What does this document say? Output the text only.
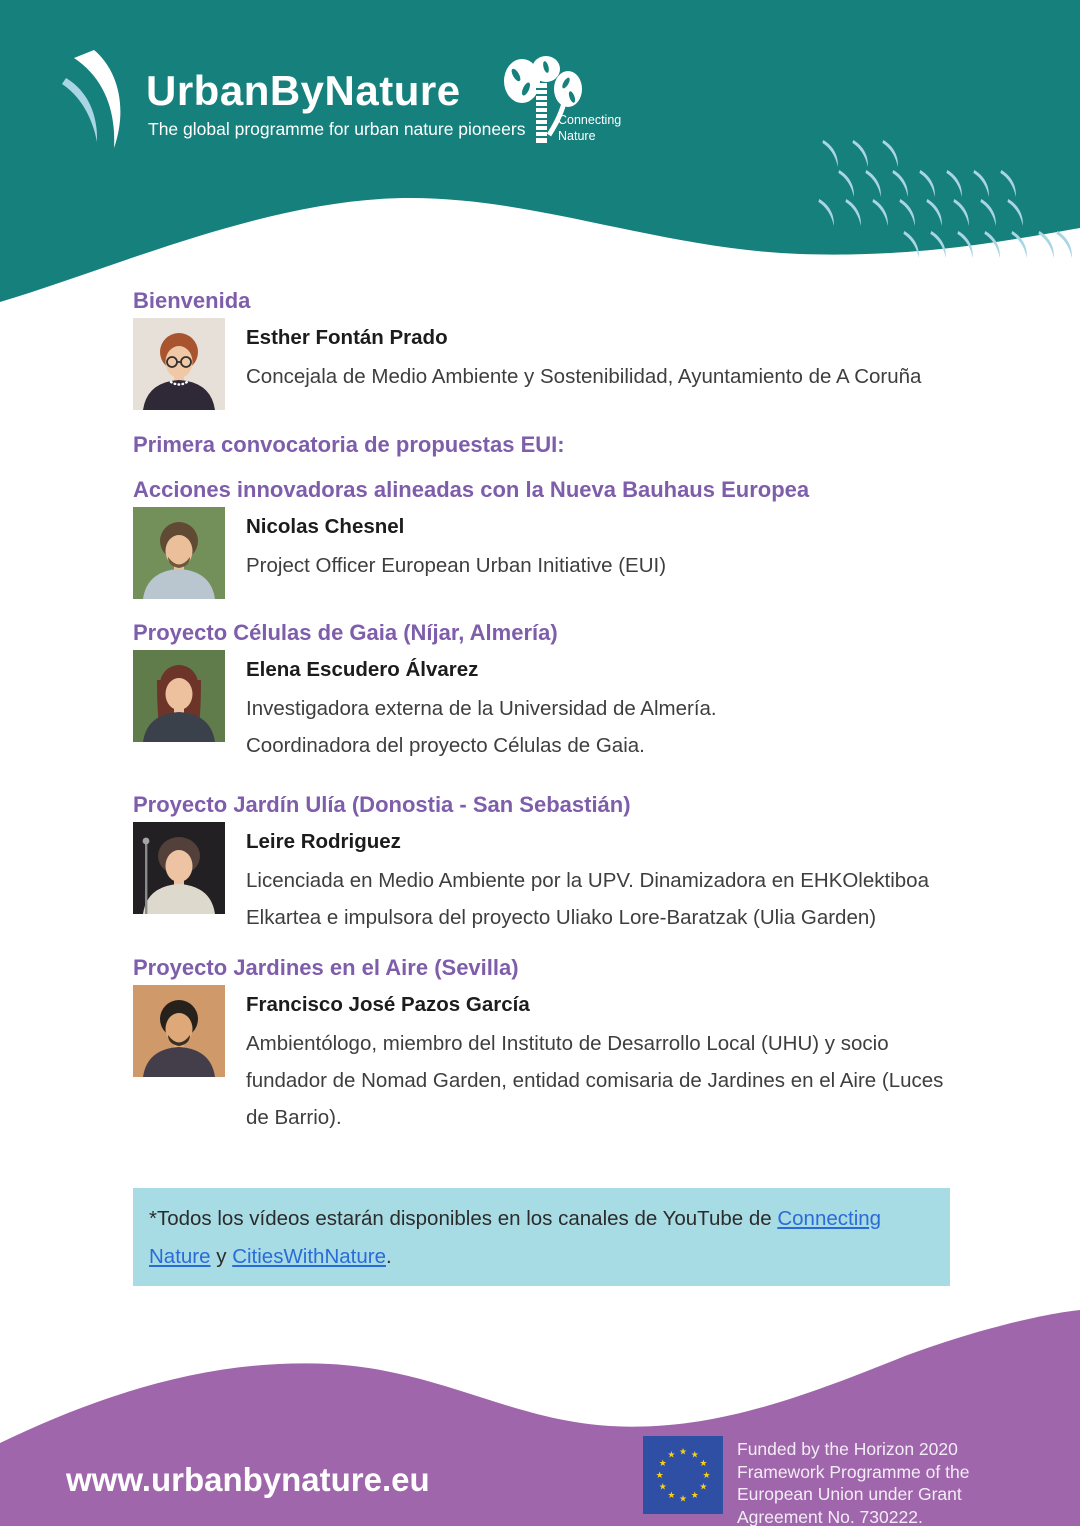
UrbanByNature
The global programme for urban nature pioneers	Connecting
Nature
Bienvenida

Esther Fontán Prado

Concejala de Medio Ambiente y Sostenibilidad, Ayuntamiento de A Coruña

Primera convocatoria de propuestas EUI:
Acciones innovadoras alineadas con la Nueva Bauhaus Europea

Nicolas Chesnel

Project Officer European Urban Initiative (EUI)

Proyecto Células de Gaia (Níjar, Almería)

Elena Escudero Álvarez

Investigadora externa de la Universidad de Almería.

Coordinadora del proyecto Células de Gaia.

Proyecto Jardín Ulía (Donostia - San Sebastián)

Leire Rodriguez

Licenciada en Medio Ambiente por la UPV. Dinamizadora en EHKOlektiboa Elkartea e impulsora del proyecto Uliako Lore-Baratzak (Ulia Garden)

Proyecto Jardines en el Aire (Sevilla)

Francisco José Pazos García

Ambientólogo, miembro del Instituto de Desarrollo Local (UHU) y socio fundador de Nomad Garden, entidad comisaria de Jardines en el Aire (Luces de Barrio).

*Todos los vídeos estarán disponibles en los canales de YouTube de Connecting Nature y CitiesWithNature.
www.urbanbynature.eu
★ ★
★
★
★
★
★
★
★
★
★
★	Funded by the Horizon 2020 Framework Programme of the European Union under Grant Agreement No. 730222.
